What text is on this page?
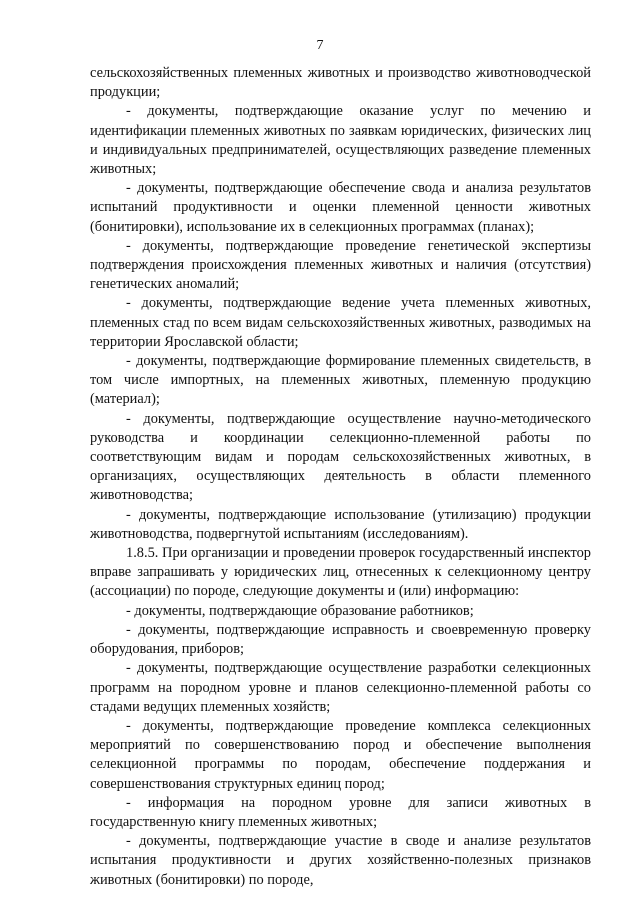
7

сельскохозяйственных племенных животных и производство животноводческой продукции;

- документы, подтверждающие оказание услуг по мечению и идентификации племенных животных по заявкам юридических, физических лиц и индивидуальных предпринимателей, осуществляющих разведение племенных животных;

- документы, подтверждающие обеспечение свода и анализа результатов испытаний продуктивности и оценки племенной ценности животных (бонитировки), использование их в селекционных программах (планах);

- документы, подтверждающие проведение генетической экспертизы подтверждения происхождения племенных животных и наличия (отсутствия) генетических аномалий;

- документы, подтверждающие ведение учета племенных животных, племенных стад по всем видам сельскохозяйственных животных, разводимых на территории Ярославской области;

- документы, подтверждающие формирование племенных свидетельств, в том числе импортных, на племенных животных, племенную продукцию (материал);

- документы, подтверждающие осуществление научно-методического руководства и координации селекционно-племенной работы по соответствующим видам и породам сельскохозяйственных животных, в организациях, осуществляющих деятельность в области племенного животноводства;

- документы, подтверждающие использование (утилизацию) продукции животноводства, подвергнутой испытаниям (исследованиям).

1.8.5. При организации и проведении проверок государственный инспектор вправе запрашивать у юридических лиц, отнесенных к селекционному центру (ассоциации) по породе, следующие документы и (или) информацию:

- документы, подтверждающие образование работников;

- документы, подтверждающие исправность и своевременную проверку оборудования, приборов;

- документы, подтверждающие осуществление разработки селекционных программ на породном уровне и планов селекционно-племенной работы со стадами ведущих племенных хозяйств;

- документы, подтверждающие проведение комплекса селекционных мероприятий по совершенствованию пород и обеспечение выполнения селекционной программы по породам, обеспечение поддержания и совершенствования структурных единиц пород;

- информация на породном уровне для записи животных в государственную книгу племенных животных;

- документы, подтверждающие участие в своде и анализе результатов испытания продуктивности и других хозяйственно-полезных признаков животных (бонитировки) по породе,
